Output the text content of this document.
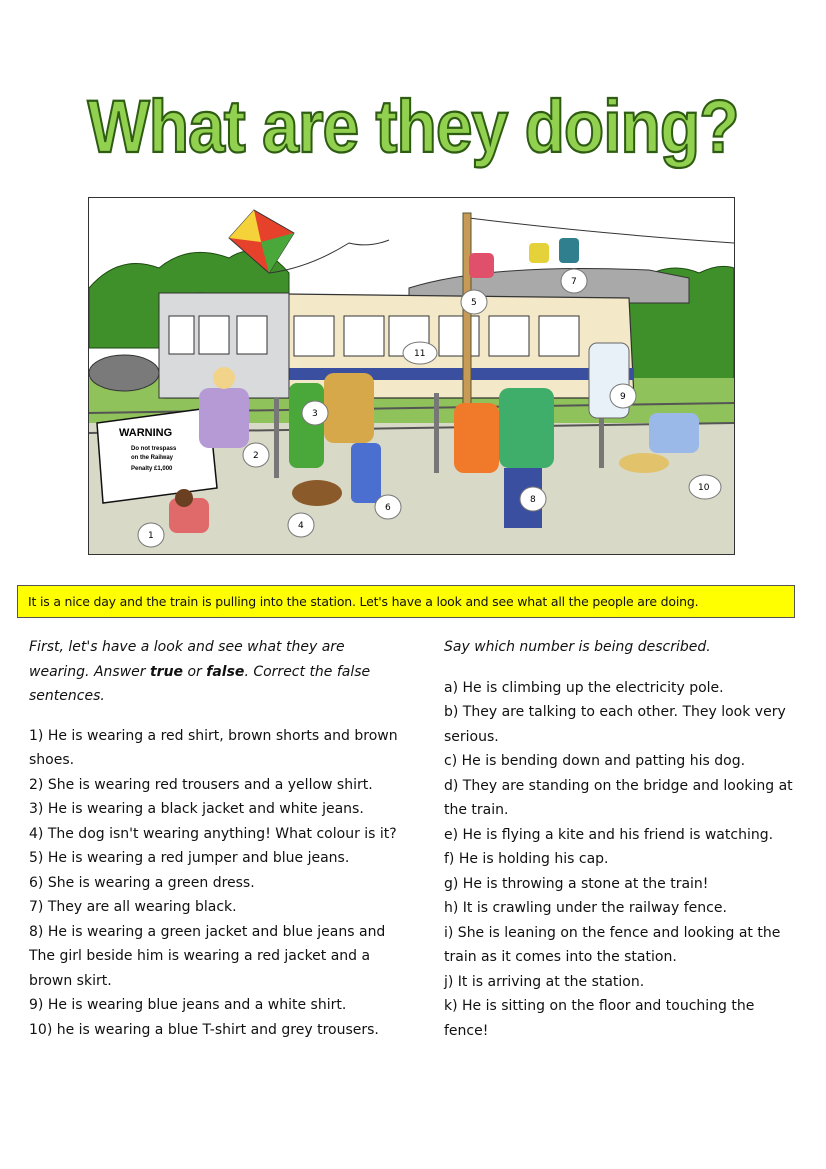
What are they doing?
WARNING
Do not trespass
on the Railway
Penalty £1,000
1
2
3
4
5
6
7
8
9
10
11
It is a nice day and the train is pulling into the station. Let's have a look and see what all the people are doing.
First, let's have a look and see what they are
wearing. Answer true or false. Correct the false
sentences.
1) He is wearing a red shirt, brown shorts and brown
shoes.
2) She is wearing red trousers and a yellow shirt.
3) He is wearing a black jacket and white jeans.
4) The dog isn't wearing anything! What colour is it?
5) He is wearing a red jumper and blue jeans.
6) She is wearing a green dress.
7) They are all wearing black.
8) He is wearing a green jacket and blue jeans and
The girl beside him is wearing a red jacket and a
brown skirt.
9) He is wearing blue jeans and a white shirt.
10) he is wearing a blue T-shirt and grey trousers.
Say which number is being described.
a) He is climbing up the electricity pole.
b) They are talking to each other. They look very
serious.
c) He is bending down and patting his dog.
d) They are standing on the bridge and looking at
the train.
e) He is flying a kite and his friend is watching.
f) He is holding his cap.
g) He is throwing a stone at the train!
h) It is crawling under the railway fence.
i) She is leaning on the fence and looking at the
train as it comes into the station.
j) It is arriving at the station.
k) He is sitting on the floor and touching the
fence!
